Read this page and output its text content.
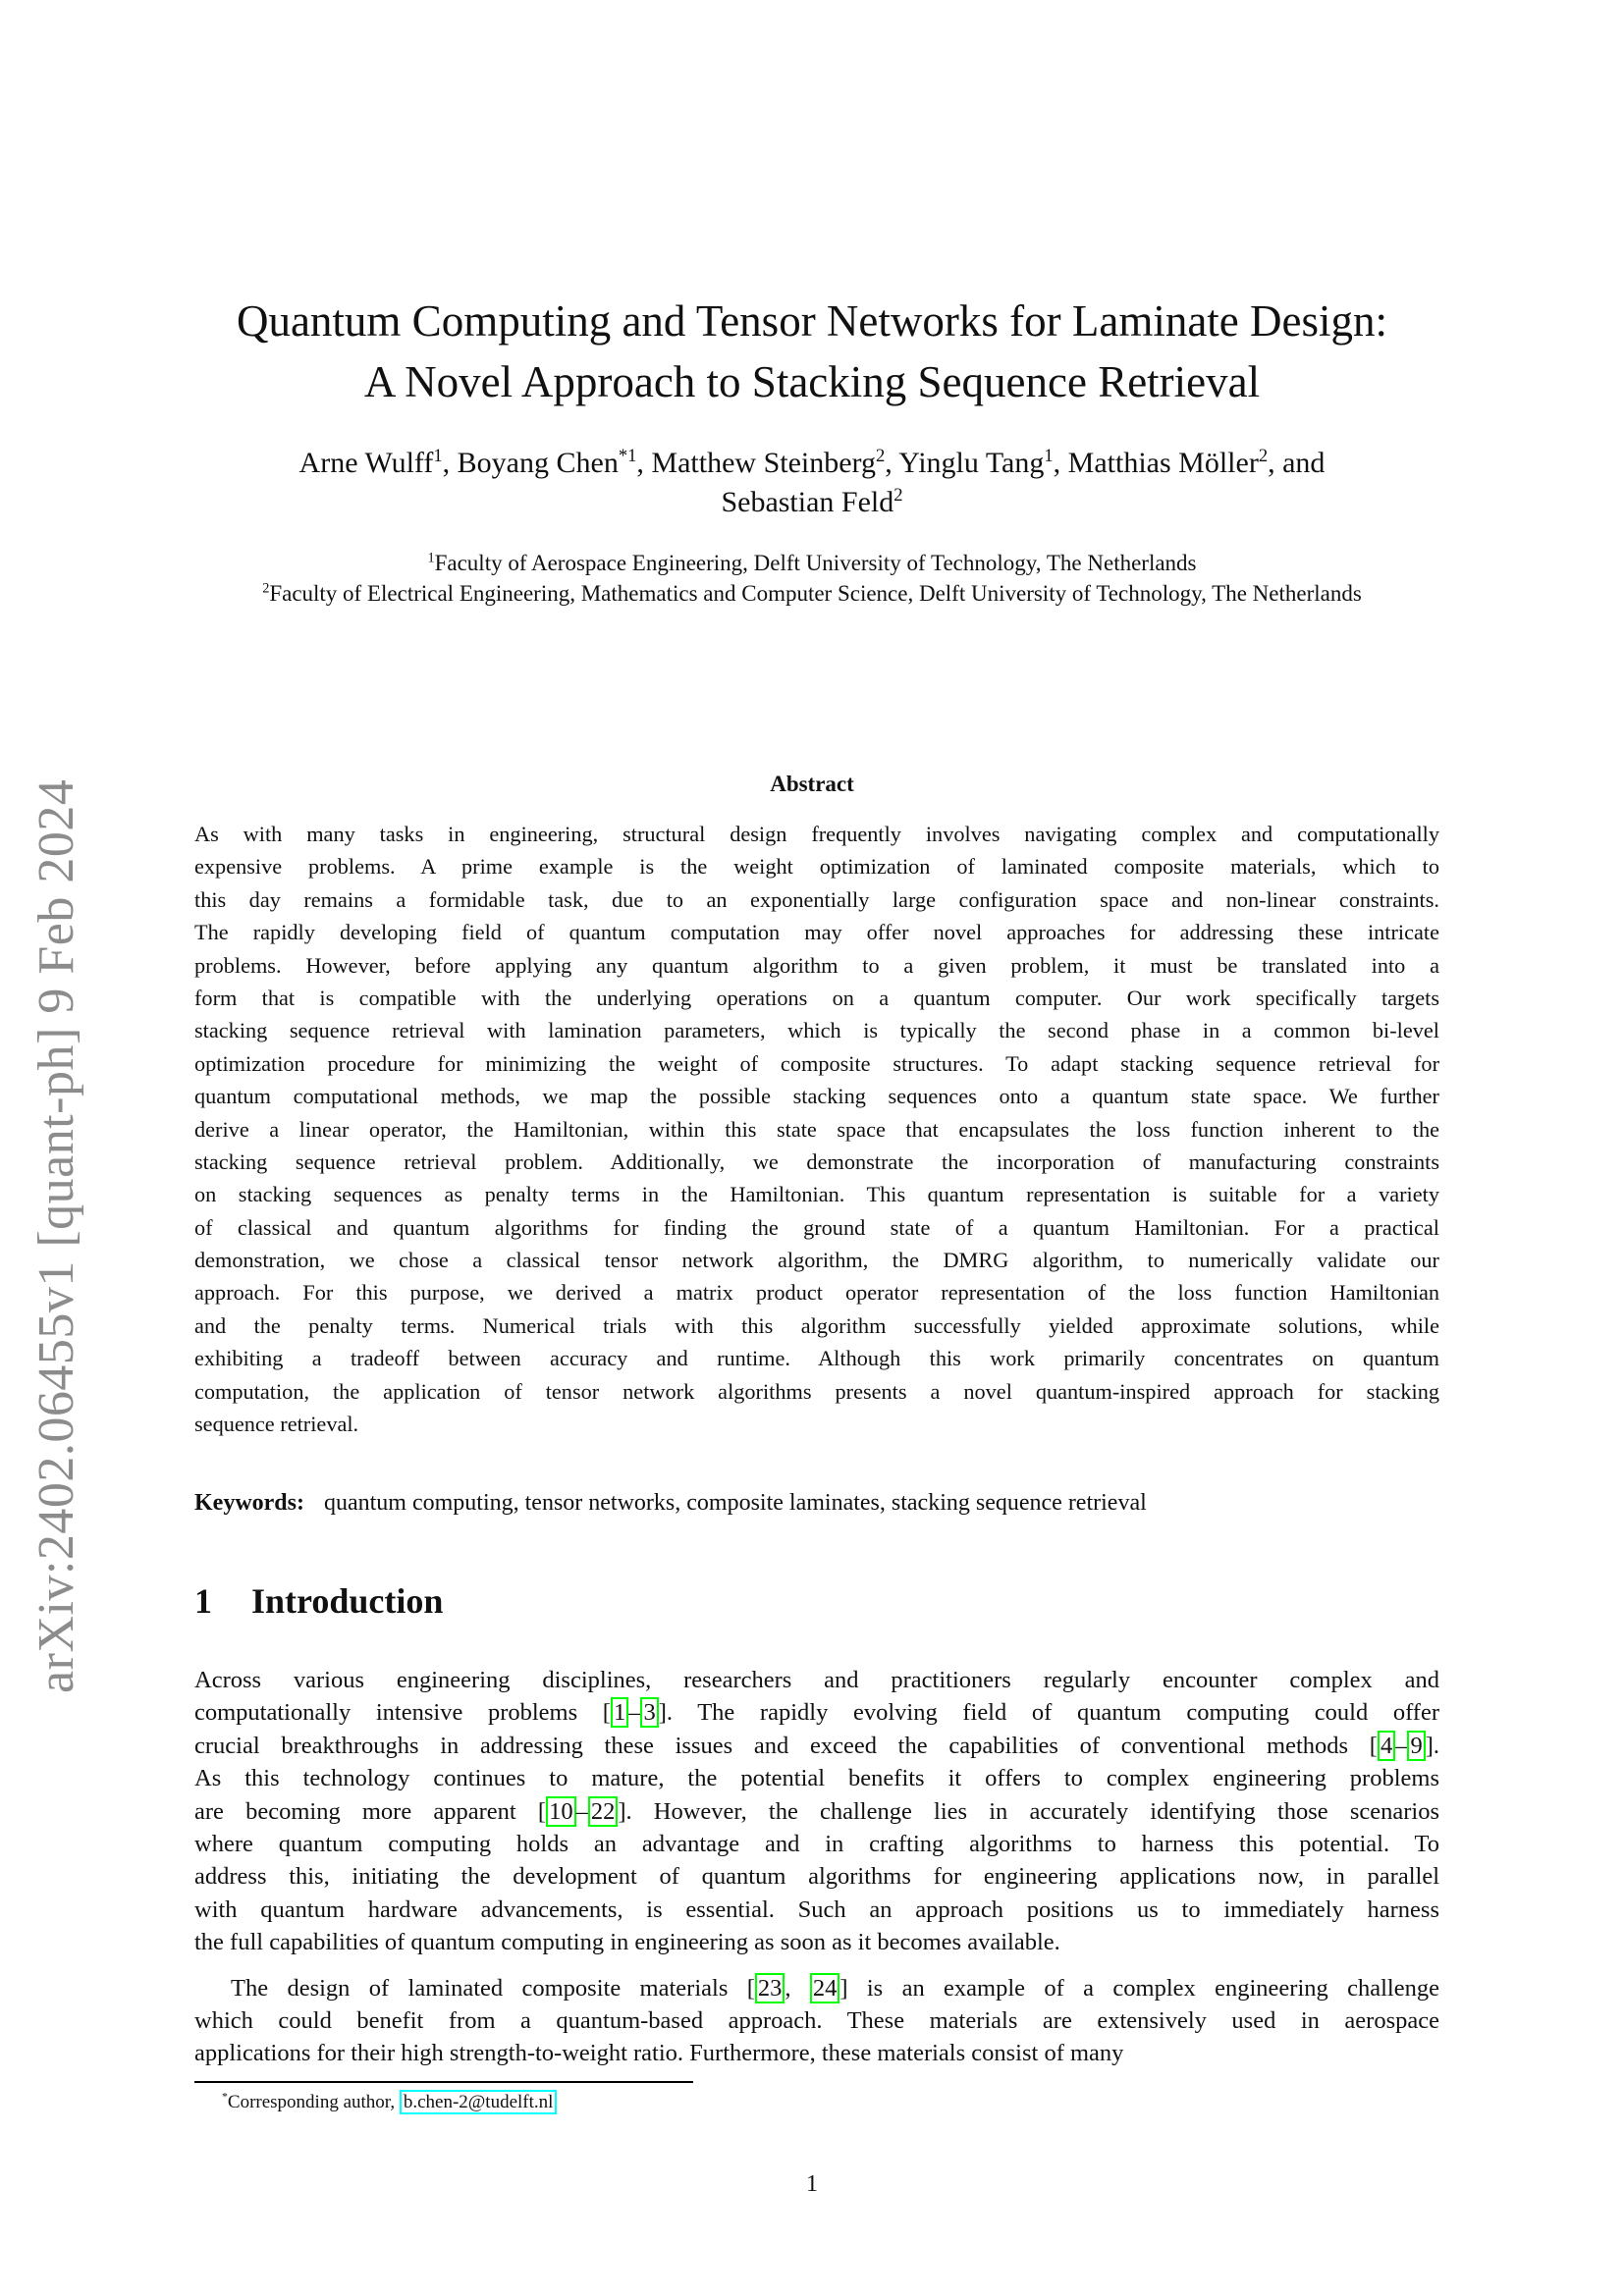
arXiv:2402.06455v1 [quant-ph] 9 Feb 2024
Quantum Computing and Tensor Networks for Laminate Design:
A Novel Approach to Stacking Sequence Retrieval
Arne Wulff$^1$, Boyang Chen$^{*1}$, Matthew Steinberg$^2$, Yinglu Tang$^1$, Matthias Möller$^2$, and
Sebastian Feld$^2$
$^1$Faculty of Aerospace Engineering, Delft University of Technology, The Netherlands
$^2$Faculty of Electrical Engineering, Mathematics and Computer Science, Delft University of Technology, The Netherlands
Abstract
As with many tasks in engineering, structural design frequently involves navigating complex and computationally
expensive problems. A prime example is the weight optimization of laminated composite materials, which to
this day remains a formidable task, due to an exponentially large configuration space and non-linear constraints.
The rapidly developing field of quantum computation may offer novel approaches for addressing these intricate
problems. However, before applying any quantum algorithm to a given problem, it must be translated into a
form that is compatible with the underlying operations on a quantum computer. Our work specifically targets
stacking sequence retrieval with lamination parameters, which is typically the second phase in a common bi-level
optimization procedure for minimizing the weight of composite structures. To adapt stacking sequence retrieval for
quantum computational methods, we map the possible stacking sequences onto a quantum state space. We further
derive a linear operator, the Hamiltonian, within this state space that encapsulates the loss function inherent to the
stacking sequence retrieval problem. Additionally, we demonstrate the incorporation of manufacturing constraints
on stacking sequences as penalty terms in the Hamiltonian. This quantum representation is suitable for a variety
of classical and quantum algorithms for finding the ground state of a quantum Hamiltonian. For a practical
demonstration, we chose a classical tensor network algorithm, the DMRG algorithm, to numerically validate our
approach. For this purpose, we derived a matrix product operator representation of the loss function Hamiltonian
and the penalty terms. Numerical trials with this algorithm successfully yielded approximate solutions, while
exhibiting a tradeoff between accuracy and runtime. Although this work primarily concentrates on quantum
computation, the application of tensor network algorithms presents a novel quantum-inspired approach for stacking
sequence retrieval.
Keywords: quantum computing, tensor networks, composite laminates, stacking sequence retrieval
1 Introduction
Across various engineering disciplines, researchers and practitioners regularly encounter complex and
computationally intensive problems [ 1 – 3 ]. The rapidly evolving field of quantum computing could offer
crucial breakthroughs in addressing these issues and exceed the capabilities of conventional methods [ 4 – 9 ].
As this technology continues to mature, the potential benefits it offers to complex engineering problems
are becoming more apparent [ 10 – 22 ]. However, the challenge lies in accurately identifying those scenarios
where quantum computing holds an advantage and in crafting algorithms to harness this potential. To
address this, initiating the development of quantum algorithms for engineering applications now, in parallel
with quantum hardware advancements, is essential. Such an approach positions us to immediately harness
the full capabilities of quantum computing in engineering as soon as it becomes available.
The design of laminated composite materials [ 23 , 24 ] is an example of a complex engineering challenge
which could benefit from a quantum-based approach. These materials are extensively used in aerospace
applications for their high strength-to-weight ratio. Furthermore, these materials consist of many
*Corresponding author, b.chen-2@tudelft.nl
1
